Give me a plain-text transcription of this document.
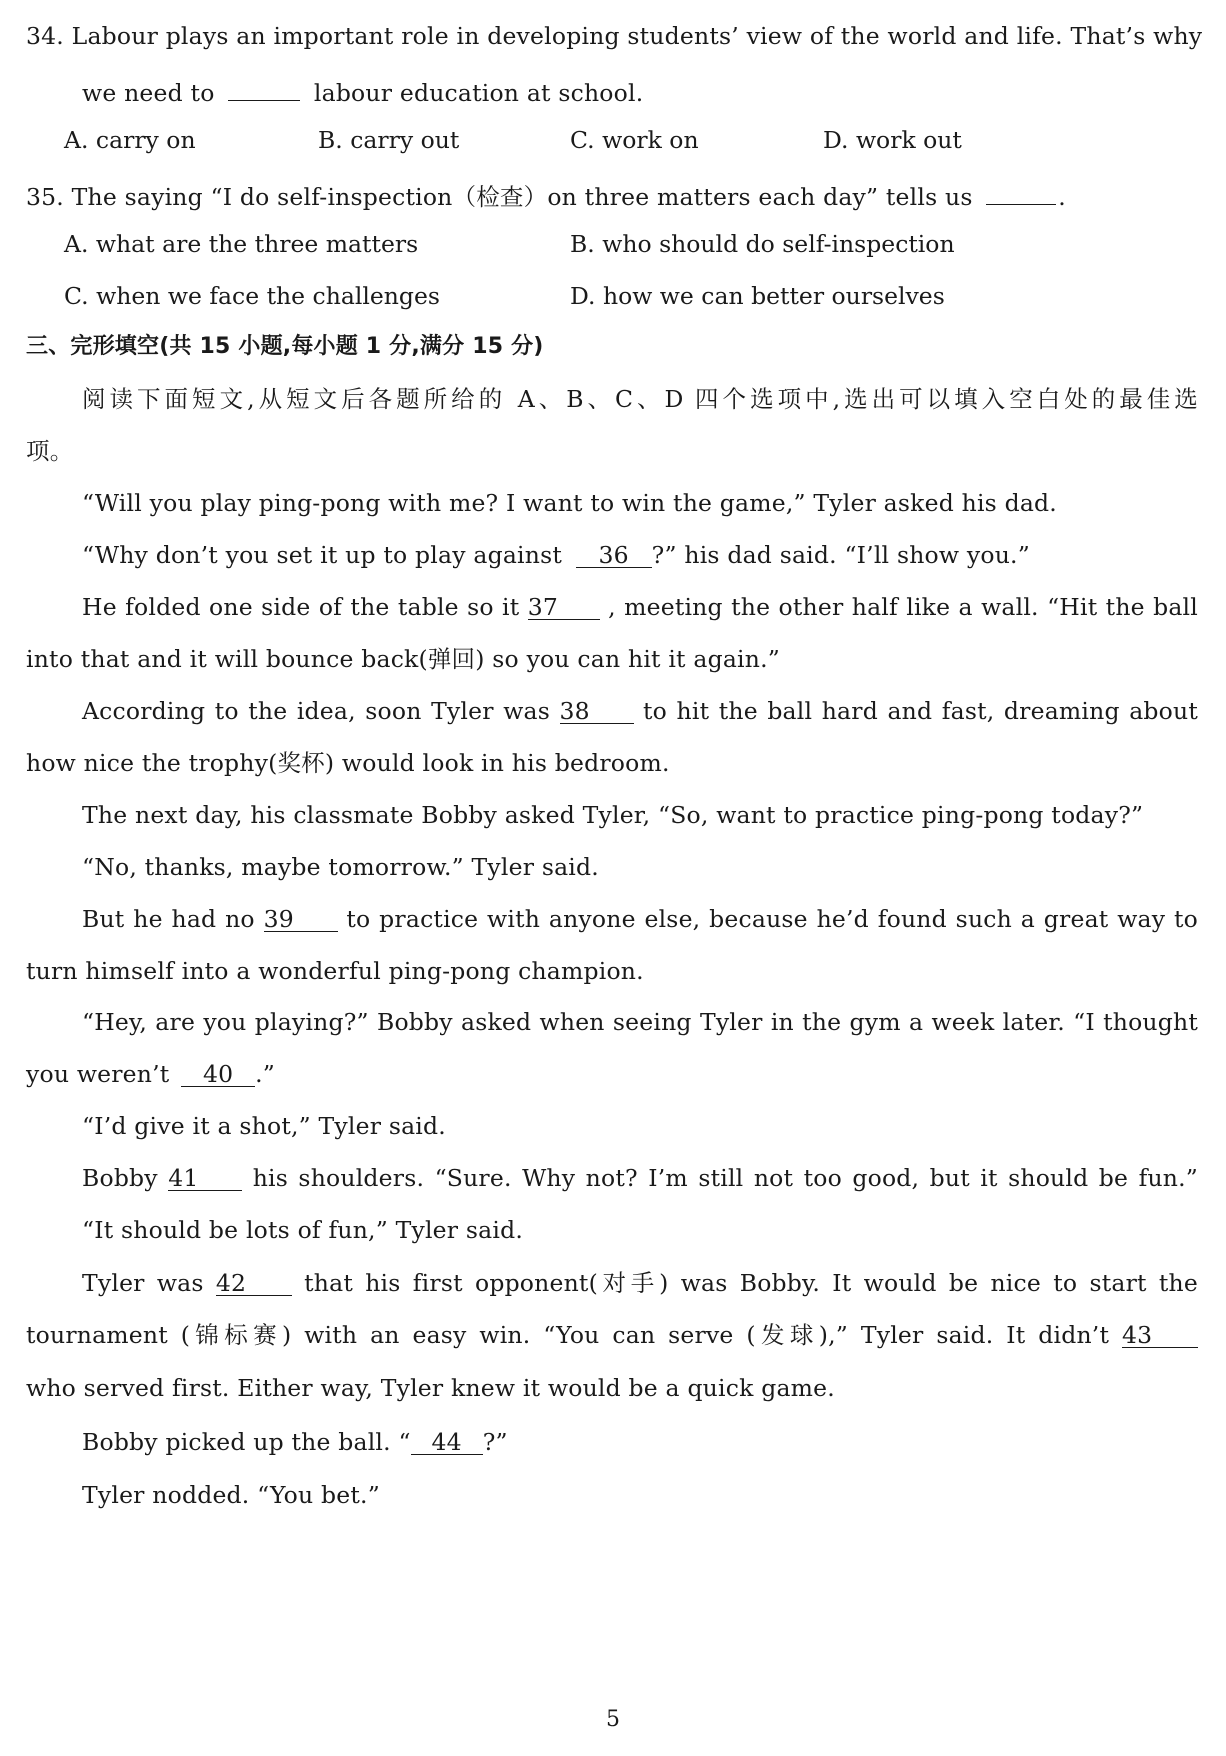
34. Labour plays an important role in developing students’ view of the world and life. That’s why
we need to	labour education at school.
A. carry on	B. carry out	C. work on	D. work out
35. The saying “I do self-inspection（检查）on three matters each day” tells us	.
A. what are the three matters	B. who should do self-inspection
C. when we face the challenges	D. how we can better ourselves
三、完形填空(共 15 小题,每小题 1 分,满分 15 分)
阅读下面短文,从短文后各题所给的 A、B、C、D 四个选项中,选出可以填入空白处的最佳选
项。
“Will you play ping-pong with me? I want to win the game,” Tyler asked his dad.
“Why don’t you set it up to play against 36 ?” his dad said. “I’ll show you.”
He folded one side of the table so it 37 , meeting the other half like a wall. “Hit the ball
into that and it will bounce back(弹回) so you can hit it again.”
According to the idea, soon Tyler was 38 to hit the ball hard and fast, dreaming about
how nice the trophy(奖杯) would look in his bedroom.
The next day, his classmate Bobby asked Tyler, “So, want to practice ping-pong today?”
“No, thanks, maybe tomorrow.” Tyler said.
But he had no 39 to practice with anyone else, because he’d found such a great way to
turn himself into a wonderful ping-pong champion.
“Hey, are you playing?” Bobby asked when seeing Tyler in the gym a week later. “I thought
you weren’t 40 .”
“I’d give it a shot,” Tyler said.
Bobby 41 his shoulders. “Sure. Why not? I’m still not too good, but it should be fun.”
“It should be lots of fun,” Tyler said.
Tyler was 42 that his first opponent(对手) was Bobby. It would be nice to start the
tournament (锦标赛) with an easy win. “You can serve (发球),” Tyler said. It didn’t 43
who served first. Either way, Tyler knew it would be a quick game.
Bobby picked up the ball. “ 44 ?”
Tyler nodded. “You bet.”
5
